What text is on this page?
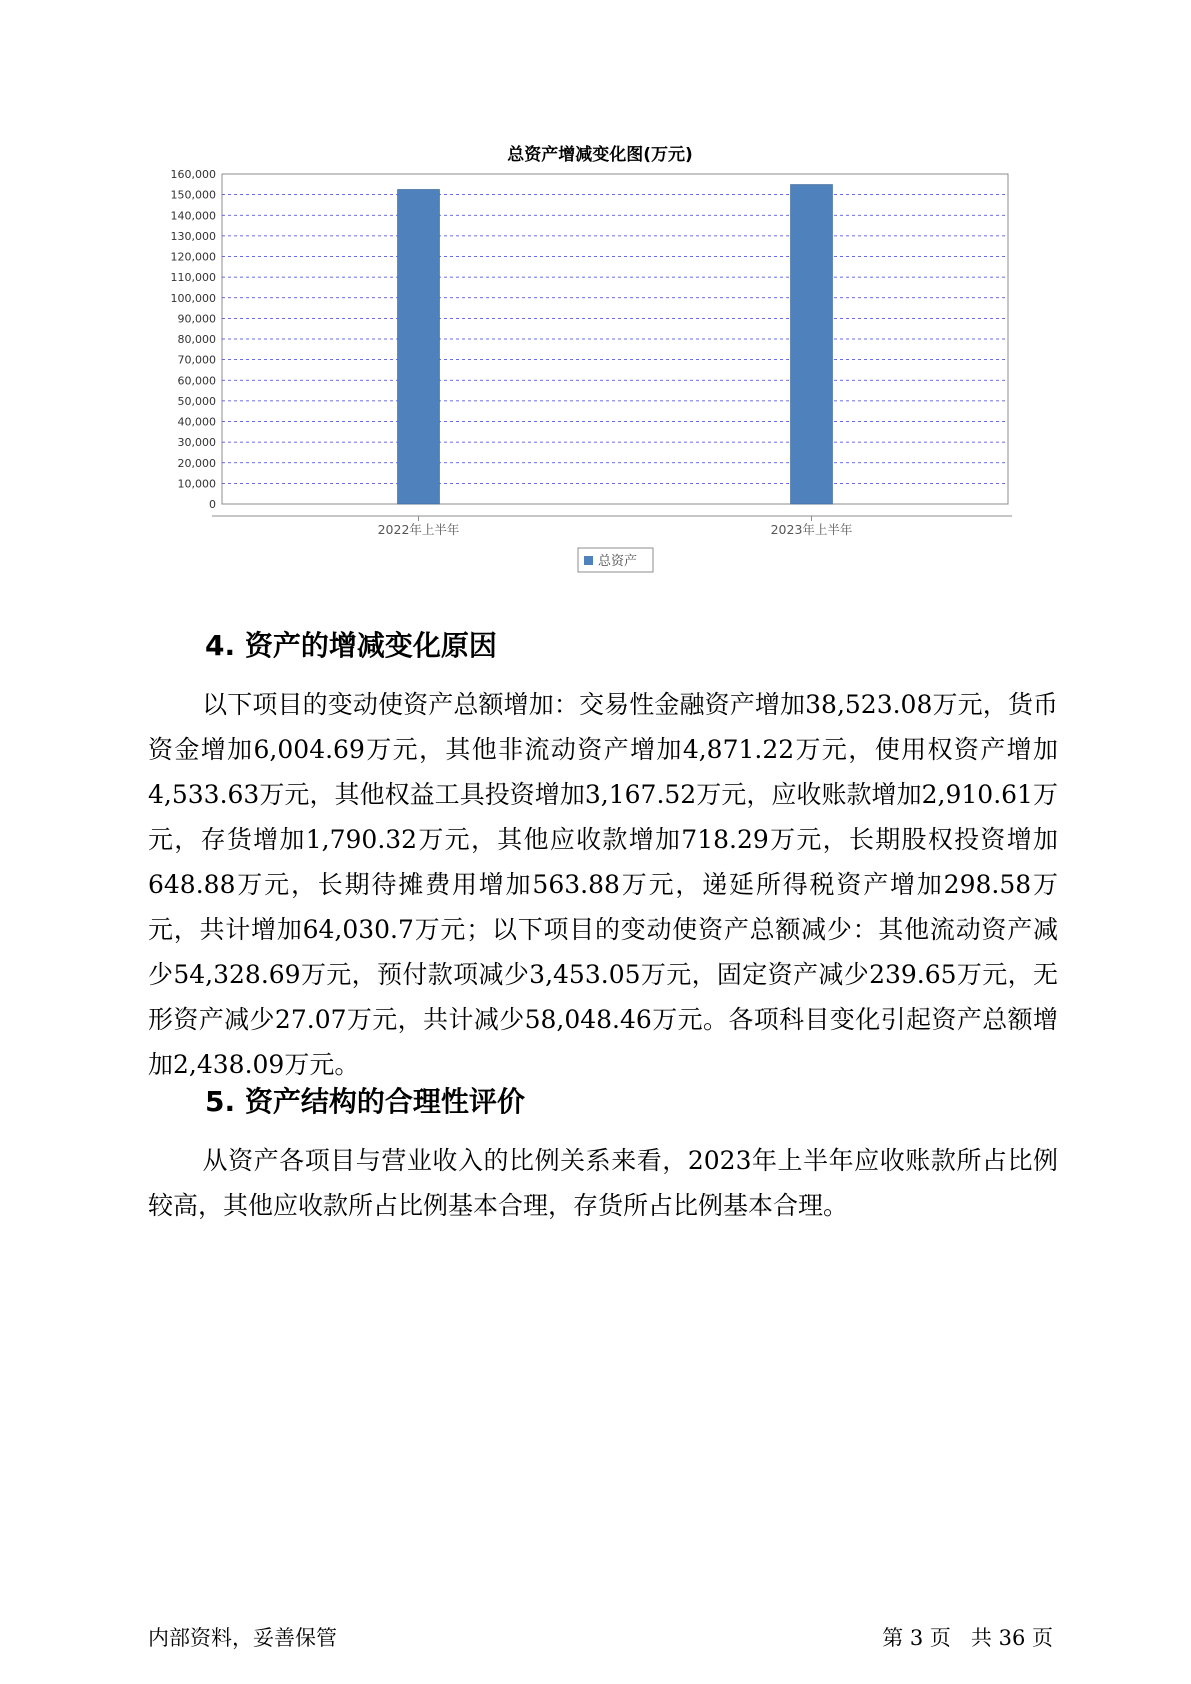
总资产增减变化图(万元)
0
10,000
20,000
30,000
40,000
50,000
60,000
70,000
80,000
90,000
100,000
110,000
120,000
130,000
140,000
150,000
160,000
2022年上半年	2023年上半年
总资产
4. 资产的增减变化原因

以下项目的变动使资产总额增加：交易性金融资产增加38,523.08万元，货币资金增加6,004.69万元，其他非流动资产增加4,871.22万元，使用权资产增加4,533.63万元，其他权益工具投资增加3,167.52万元，应收账款增加2,910.61万元，存货增加1,790.32万元，其他应收款增加718.29万元，长期股权投资增加648.88万元，长期待摊费用增加563.88万元，递延所得税资产增加298.58万元，共计增加64,030.7万元；以下项目的变动使资产总额减少：其他流动资产减少54,328.69万元，预付款项减少3,453.05万元，固定资产减少239.65万元，无形资产减少27.07万元，共计减少58,048.46万元。各项科目变化引起资产总额增加2,438.09万元。

5. 资产结构的合理性评价

从资产各项目与营业收入的比例关系来看，2023年上半年应收账款所占比例较高，其他应收款所占比例基本合理，存货所占比例基本合理。

内部资料，妥善保管	第 3 页   共 36 页
